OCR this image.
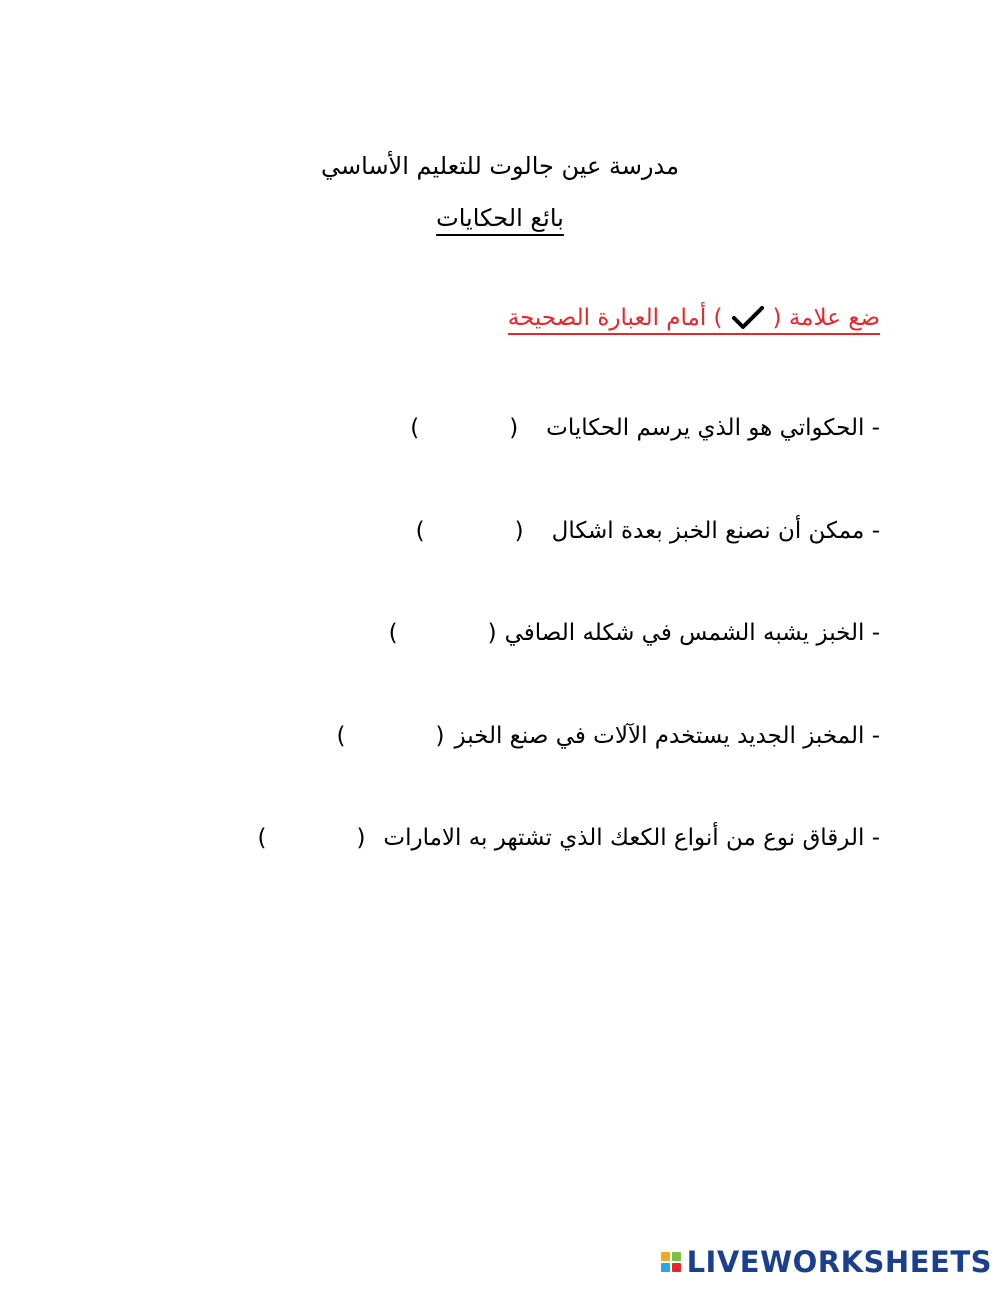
مدرسة عين جالوت للتعليم الأساسي
بائع الحكايات
ضع علامة (
) أمام العبارة الصحيحة
- الحكواتي هو الذي يرسم الحكايات
(
)
- ممكن أن نصنع الخبز بعدة اشكال
(
)
- الخبز يشبه الشمس في شكله الصافي
(
)
- المخبز الجديد يستخدم الآلات في صنع الخبز
(
)
- الرقاق نوع من أنواع الكعك الذي تشتهر به الامارات
(
)
LIVEWORKSHEETS
